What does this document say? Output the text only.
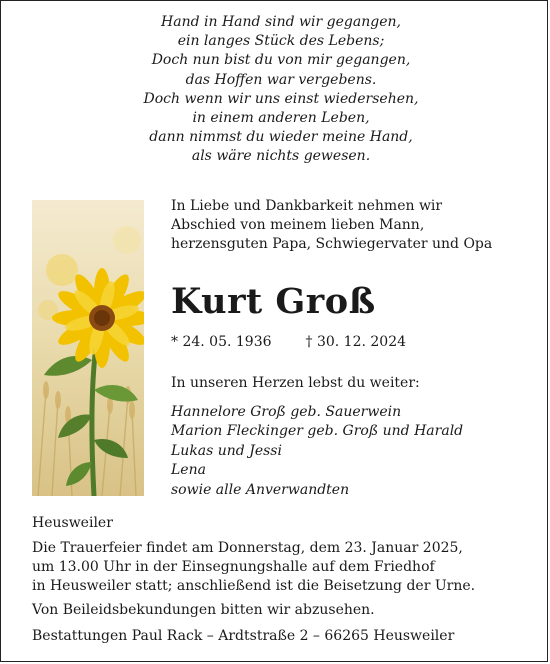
Hand in Hand sind wir gegangen,
ein langes Stück des Lebens;
Doch nun bist du von mir gegangen,
das Hoffen war vergebens.
Doch wenn wir uns einst wiedersehen,
in einem anderen Leben,
dann nimmst du wieder meine Hand,
als wäre nichts gewesen.
In Liebe und Dankbarkeit nehmen wir
Abschied von meinem lieben Mann,
herzensguten Papa, Schwiegervater und Opa
Kurt Groß
* 24. 05. 1936 † 30. 12. 2024
In unseren Herzen lebst du weiter:
Hannelore Groß geb. Sauerwein
Marion Fleckinger geb. Groß und Harald
Lukas und Jessi
Lena
sowie alle Anverwandten
Heusweiler
Die Trauerfeier findet am Donnerstag, dem 23. Januar 2025,
um 13.00 Uhr in der Einsegnungshalle auf dem Friedhof
in Heusweiler statt; anschließend ist die Beisetzung der Urne.
Von Beileidsbekundungen bitten wir abzusehen.
Bestattungen Paul Rack – Ardtstraße 2 – 66265 Heusweiler
